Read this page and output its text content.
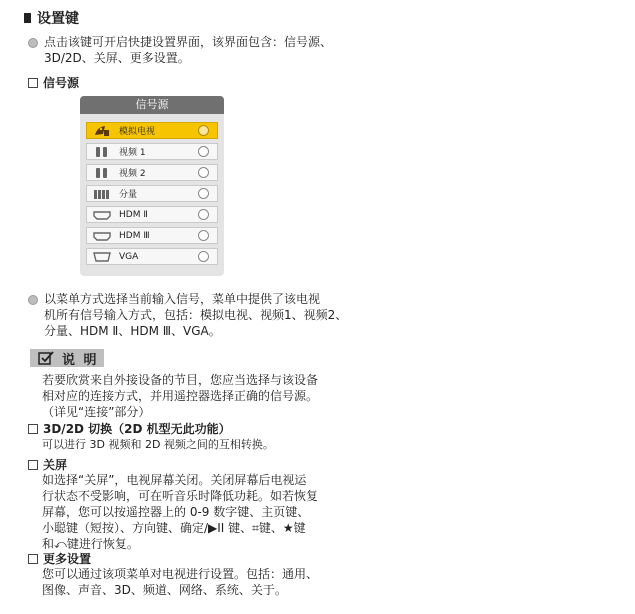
设置键
点击该键可开启快捷设置界面，该界面包含：信号源、
3D/2D、关屏、更多设置。
信号源
信号源
模拟电视
视频 1
视频 2
分量
HDM Ⅱ
HDM Ⅲ
VGA
以菜单方式选择当前输入信号，菜单中提供了该电视
机所有信号输入方式，包括：模拟电视、视频1、视频2、
分量、HDM Ⅱ、HDM Ⅲ、VGA。
说 明
若要欣赏来自外接设备的节目，您应当选择与该设备
相对应的连接方式，并用遥控器选择正确的信号源。
（详见“连接”部分）
3D/2D 切换（2D 机型无此功能）
可以进行 3D 视频和 2D 视频之间的互相转换。
关屏
如选择“关屏”，电视屏幕关闭。关闭屏幕后电视运
行状态不受影响，可在听音乐时降低功耗。如若恢复
屏幕，您可以按遥控器上的 0-9 数字键、主页键、
小聪键（短按）、方向键、确定/▶II 键、⌗键、★键
和⤺键进行恢复。
更多设置
您可以通过该项菜单对电视进行设置。包括：通用、
图像、声音、3D、频道、网络、系统、关于。
